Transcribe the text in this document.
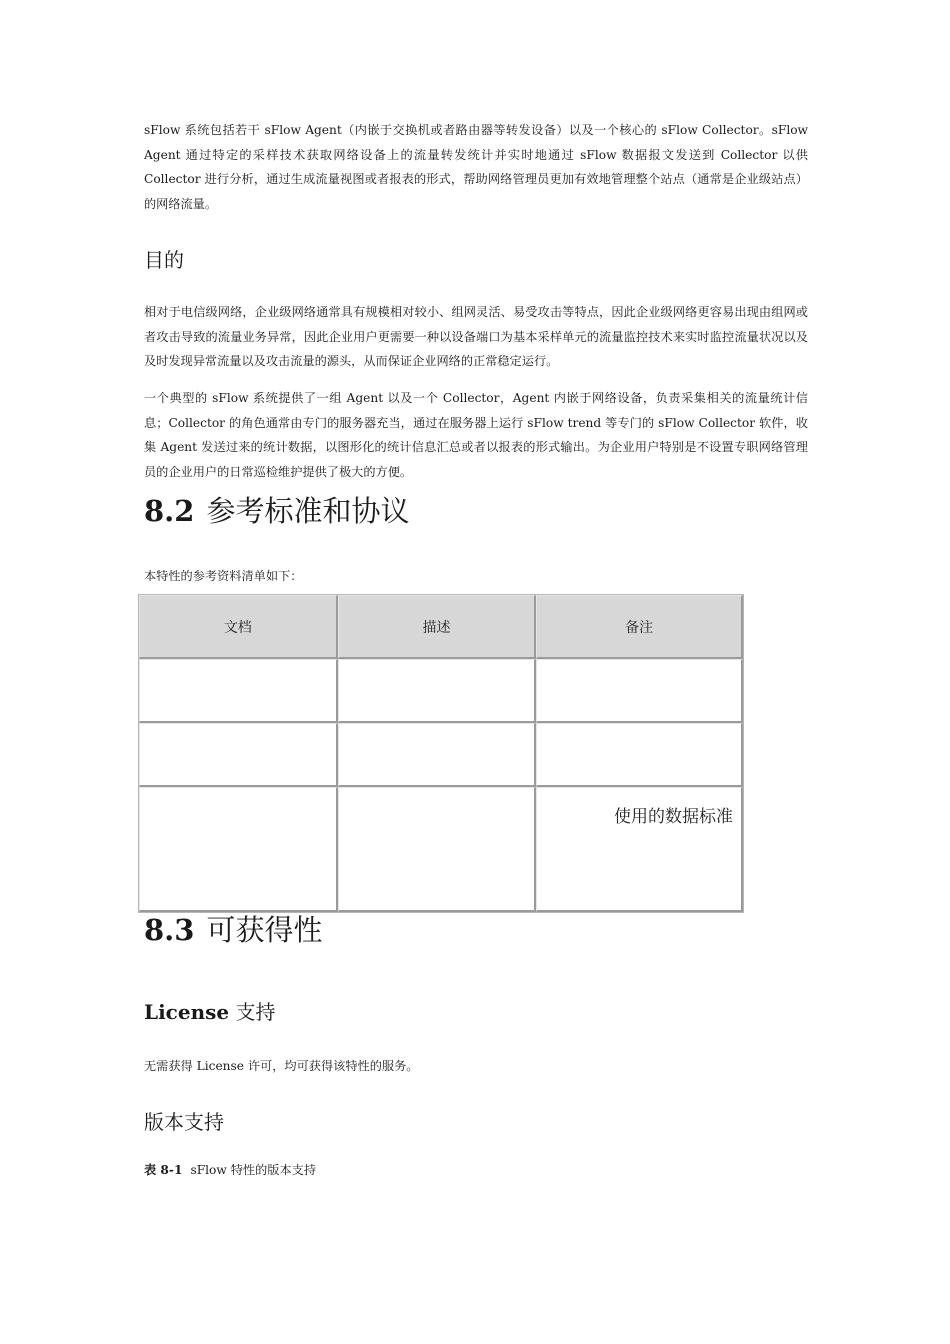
sFlow 系统包括若干 sFlow Agent（内嵌于交换机或者路由器等转发设备）以及一个核心的 sFlow Collector。sFlow Agent 通过特定的采样技术获取网络设备上的流量转发统计并实时地通过 sFlow 数据报文发送到 Collector 以供 Collector 进行分析，通过生成流量视图或者报表的形式，帮助网络管理员更加有效地管理整个站点（通常是企业级站点）的网络流量。

目的

相对于电信级网络，企业级网络通常具有规模相对较小、组网灵活、易受攻击等特点，因此企业级网络更容易出现由组网或者攻击导致的流量业务异常，因此企业用户更需要一种以设备端口为基本采样单元的流量监控技术来实时监控流量状况以及及时发现异常流量以及攻击流量的源头，从而保证企业网络的正常稳定运行。

一个典型的 sFlow 系统提供了一组 Agent 以及一个 Collector，Agent 内嵌于网络设备，负责采集相关的流量统计信息；Collector 的角色通常由专门的服务器充当，通过在服务器上运行 sFlow trend 等专门的 sFlow Collector 软件，收集 Agent 发送过来的统计数据，以图形化的统计信息汇总或者以报表的形式输出。为企业用户特别是不设置专职网络管理员的企业用户的日常巡检维护提供了极大的方便。

8.2 参考标准和协议

本特性的参考资料清单如下：

文档	描述	备注

		使用的数据标准
8.3 可获得性
License 支持

无需获得 License 许可，均可获得该特性的服务。

版本支持

表 8-1 sFlow 特性的版本支持
